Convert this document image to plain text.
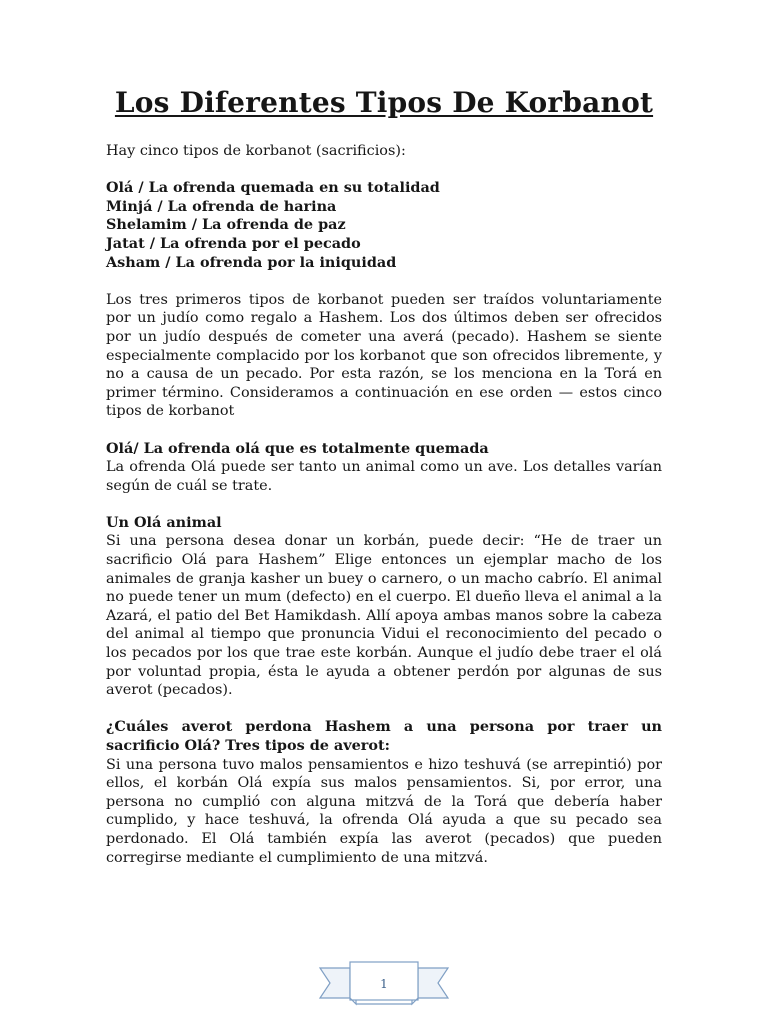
Los Diferentes Tipos De Korbanot

Hay cinco tipos de korbanot (sacrificios):

Olá / La ofrenda quemada en su totalidad

Minjá / La ofrenda de harina

Shelamim / La ofrenda de paz

Jatat / La ofrenda por el pecado

Asham / La ofrenda por la iniquidad

Los tres primeros tipos de korbanot pueden ser traídos voluntariamente por un judío como regalo a Hashem. Los dos últimos deben ser ofrecidos por un judío después de cometer una averá (pecado). Hashem se siente especialmente complacido por los korbanot que son ofrecidos libremente, y no a causa de un pecado. Por esta razón, se los menciona en la Torá en primer término. Consideramos a continuación en ese orden — estos cinco tipos de korbanot

Olá/ La ofrenda olá que es totalmente quemada

La ofrenda Olá puede ser tanto un animal como un ave. Los detalles varían según de cuál se trate.

Un Olá animal

Si una persona desea donar un korbán, puede decir: “He de traer un sacrificio Olá para Hashem” Elige entonces un ejemplar macho de los animales de granja kasher un buey o carnero, o un macho cabrío. El animal no puede tener un mum (defecto) en el cuerpo. El dueño lleva el animal a la Azará, el patio del Bet Hamikdash. Allí apoya ambas manos sobre la cabeza del animal al tiempo que pronuncia Vidui el reconocimiento del pecado o los pecados por los que trae este korbán. Aunque el judío debe traer el olá por voluntad propia, ésta le ayuda a obtener perdón por algunas de sus averot (pecados).

¿Cuáles averot perdona Hashem a una persona por traer un sacrificio Olá? Tres tipos de averot:

Si una persona tuvo malos pensamientos e hizo teshuvá (se arrepintió) por ellos, el korbán Olá expía sus malos pensamientos. Si, por error, una persona no cumplió con alguna mitzvá de la Torá que debería haber cumplido, y hace teshuvá, la ofrenda Olá ayuda a que su pecado sea perdonado. El Olá también expía las averot (pecados) que pueden corregirse mediante el cumplimiento de una mitzvá.

1
